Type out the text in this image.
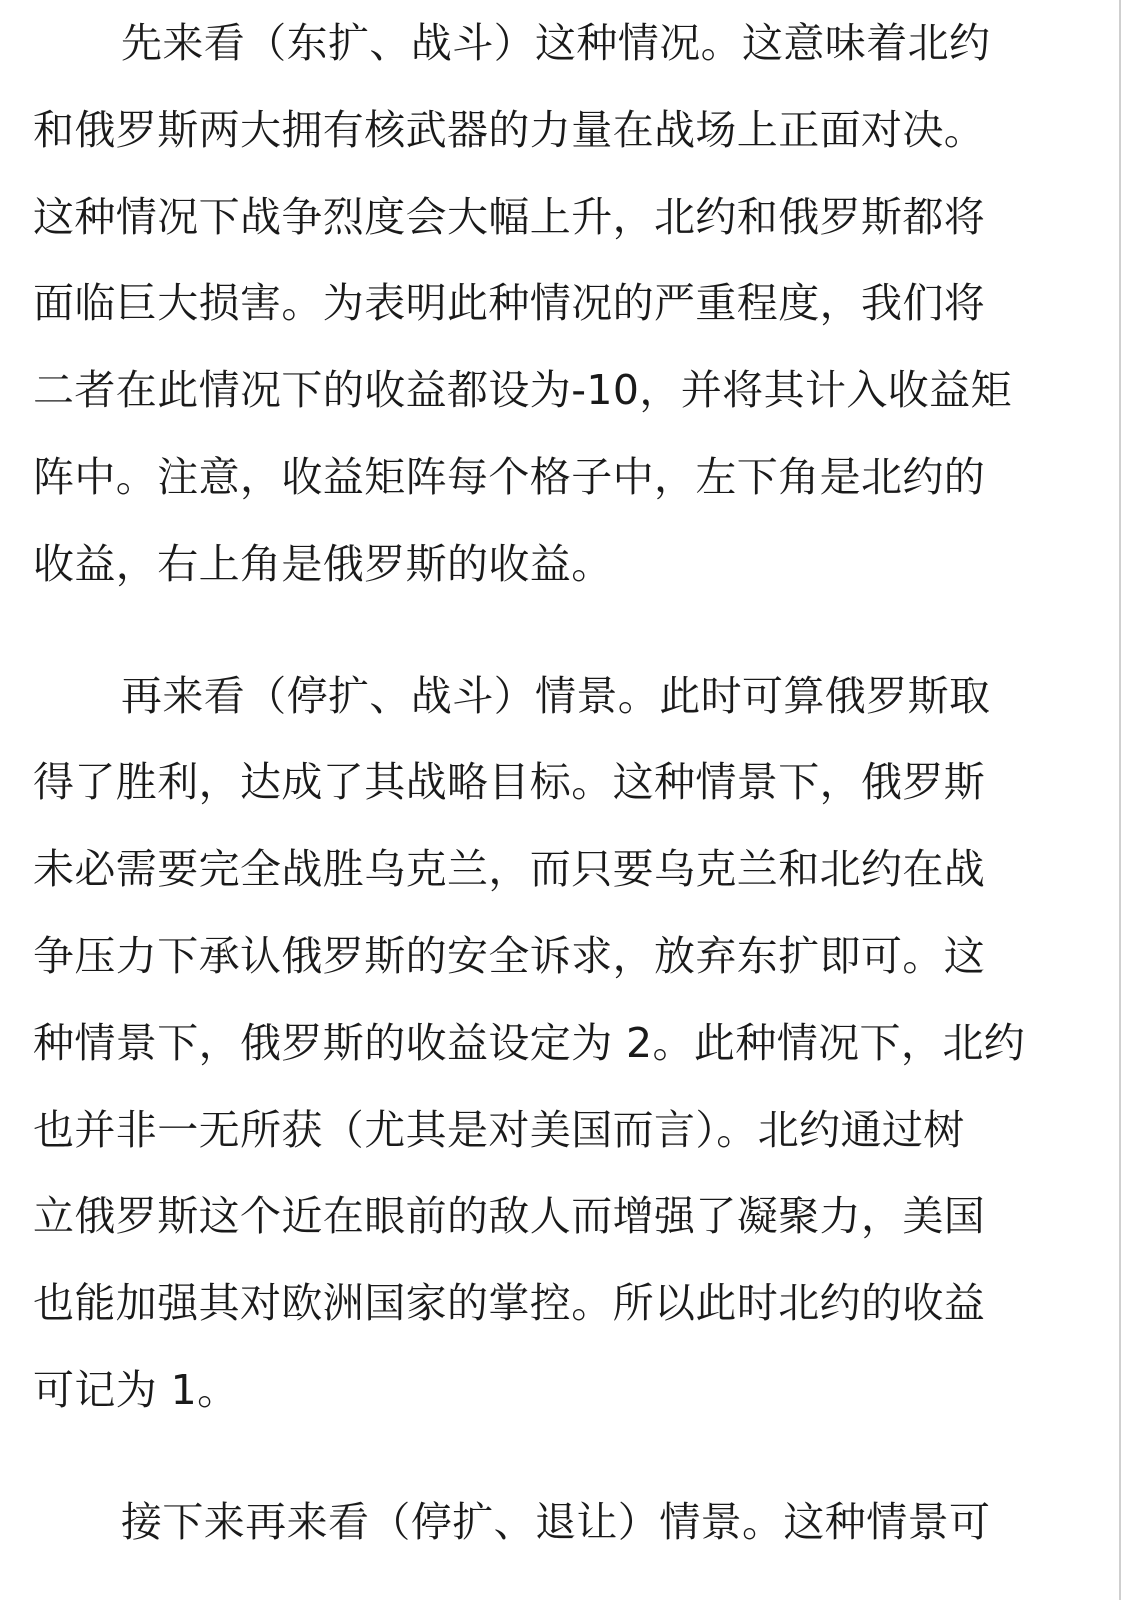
先来看（东扩、战斗）这种情况。这意味着北约
和俄罗斯两大拥有核武器的力量在战场上正面对决。
这种情况下战争烈度会大幅上升，北约和俄罗斯都将
面临巨大损害。为表明此种情况的严重程度，我们将
二者在此情况下的收益都设为-10，并将其计入收益矩
阵中。注意，收益矩阵每个格子中，左下角是北约的
收益，右上角是俄罗斯的收益。
再来看（停扩、战斗）情景。此时可算俄罗斯取
得了胜利，达成了其战略目标。这种情景下，俄罗斯
未必需要完全战胜乌克兰，而只要乌克兰和北约在战
争压力下承认俄罗斯的安全诉求，放弃东扩即可。这
种情景下，俄罗斯的收益设定为 2。此种情况下，北约
也并非一无所获（尤其是对美国而言）。北约通过树
立俄罗斯这个近在眼前的敌人而增强了凝聚力，美国
也能加强其对欧洲国家的掌控。所以此时北约的收益
可记为 1。
接下来再来看（停扩、退让）情景。这种情景可
